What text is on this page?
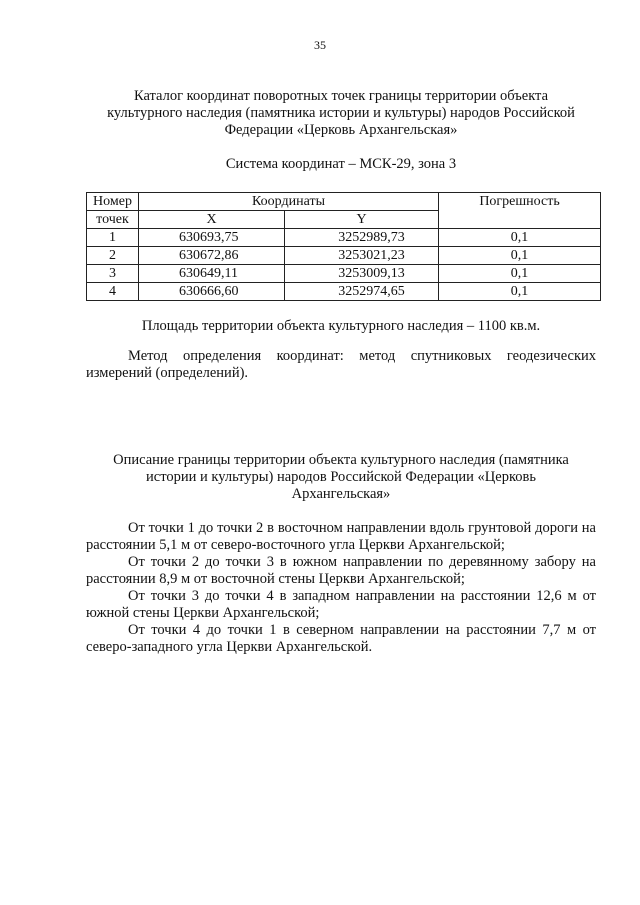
35
Каталог координат поворотных точек границы территории объекта
культурного наследия (памятника истории и культуры) народов Российской
Федерации «Церковь Архангельская»
Система координат – МСК-29, зона 3
Номер	Координаты		Погрешность
точек	X	Y	
1	630693,75	3252989,73	0,1
2	630672,86	3253021,23	0,1
3	630649,11	3253009,13	0,1
4	630666,60	3252974,65	0,1
Площадь территории объекта культурного наследия – 1100 кв.м.
Метод определения координат: метод спутниковых геодезических измерений (определений).
Описание границы территории объекта культурного наследия (памятника
истории и культуры) народов Российской Федерации «Церковь
Архангельская»

От точки 1 до точки 2 в восточном направлении вдоль грунтовой дороги на расстоянии 5,1 м от северо-восточного угла Церкви Архангельской;

От точки 2 до точки 3 в южном направлении по деревянному забору на расстоянии 8,9 м от восточной стены Церкви Архангельской;

От точки 3 до точки 4 в западном направлении на расстоянии 12,6 м от южной стены Церкви Архангельской;

От точки 4 до точки 1 в северном направлении на расстоянии 7,7 м от северо-западного угла Церкви Архангельской.
